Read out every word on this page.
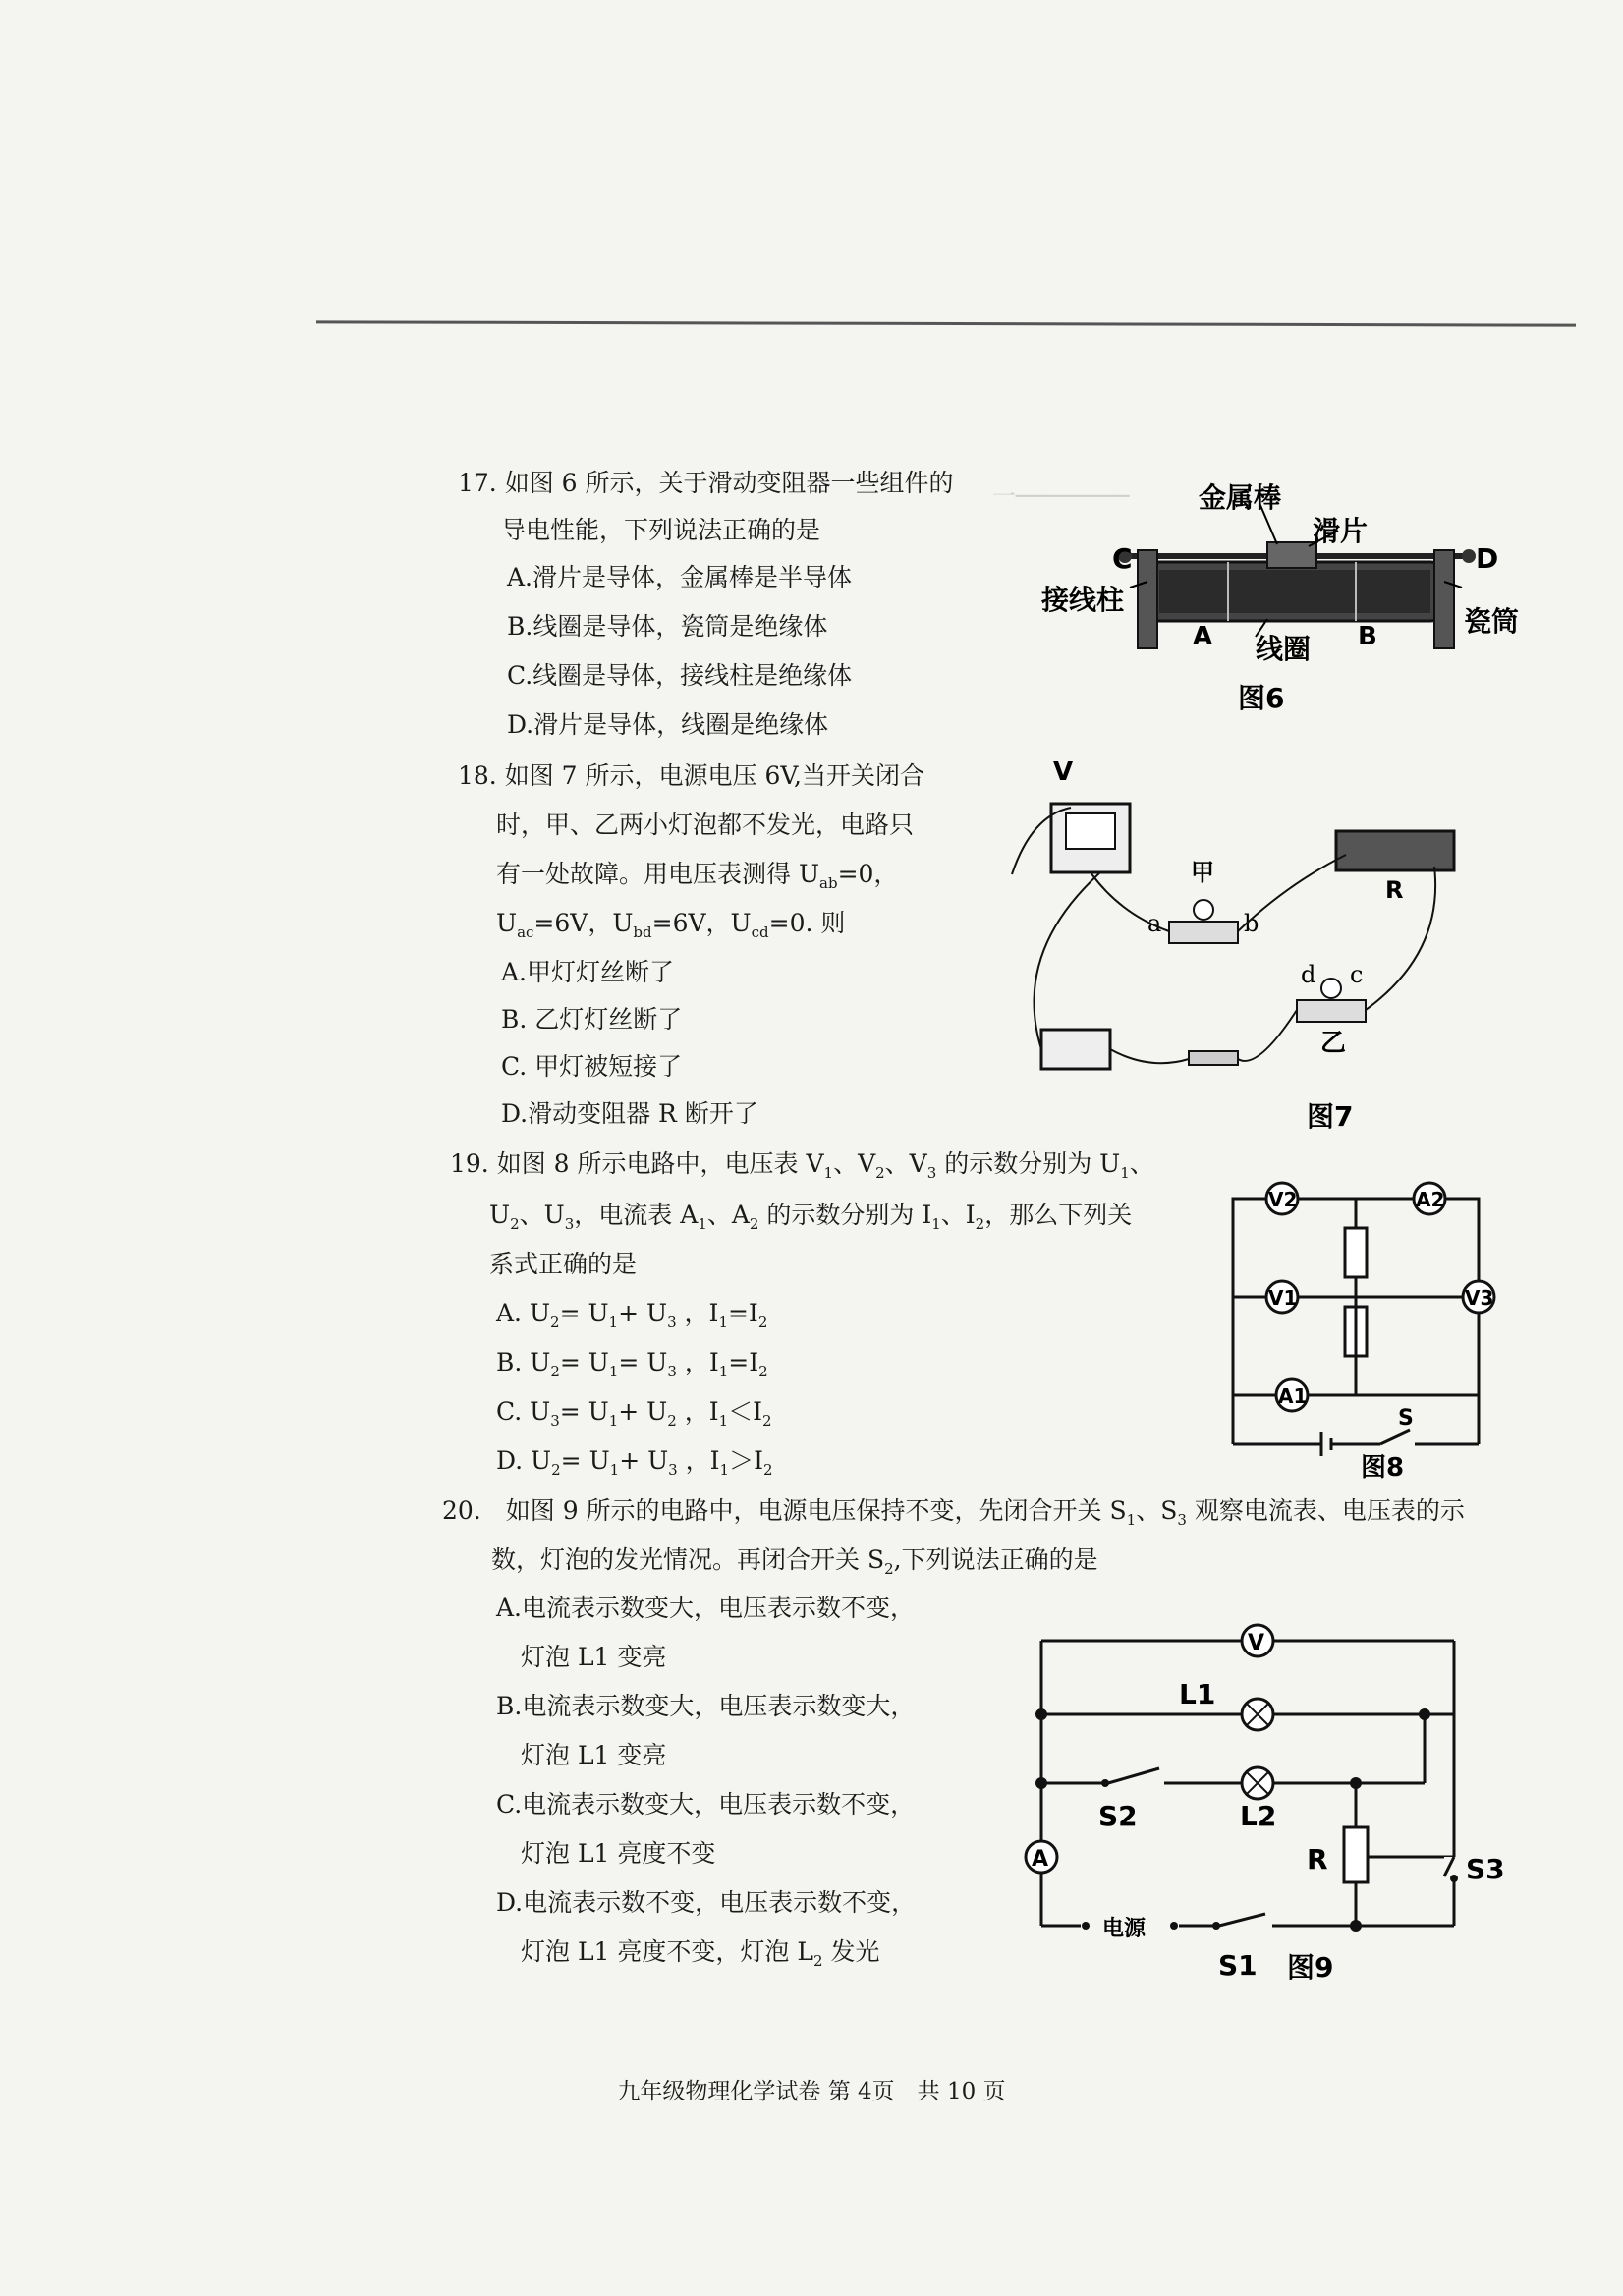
一────────
17. 如图 6 所示，关于滑动变阻器一些组件的
导电性能，下列说法正确的是
A.滑片是导体，金属棒是半导体
B.线圈是导体，瓷筒是绝缘体
C.线圈是导体，接线柱是绝缘体
D.滑片是导体，线圈是绝缘体
金属棒
滑片
C	D
接线柱
瓷筒
A	B
线圈
图6
18. 如图 7 所示，电源电压 6V,当开关闭合
时，甲、乙两小灯泡都不发光，电路只
有一处故障。用电压表测得 $U_{ab}=0$，
$U_{ac}=6V$，$U_{bd}=6V$，$U_{cd}=0$. 则
A.甲灯灯丝断了
B. 乙灯灯丝断了
C. 甲灯被短接了
D.滑动变阻器 R 断开了
V
R
甲
a	b
d c
乙
图7
19. 如图 8 所示电路中，电压表 $V_1$、$V_2$、$V_3$ 的示数分别为 $U_1$、
$U_2$、$U_3$，电流表 $A_1$、$A_2$ 的示数分别为 $I_1$、$I_2$，那么下列关
系式正确的是
A. $U_2= U_1+ U_3$ ，$I_1=I_2$
B. $U_2= U_1= U_3$ ，$I_1=I_2$
C. $U_3= U_1+ U_2$ ，$I_1<I_2$
D. $U_2= U_1+ U_3$ ，$I_1>I_2$
V2	A2
V1	V3
A1
S
图8
20.　如图 9 所示的电路中，电源电压保持不变，先闭合开关 $S_1$、$S_3$ 观察电流表、电压表的示
数，灯泡的发光情况。再闭合开关 $S_2$,下列说法正确的是
A.电流表示数变大，电压表示数不变，
灯泡 L1 变亮
B.电流表示数变大，电压表示数变大，
灯泡 L1 变亮
C.电流表示数变大，电压表示数不变，
灯泡 L1 亮度不变
D.电流表示数不变，电压表示数不变，
灯泡 L1 亮度不变，灯泡 $L_2$ 发光
V
L1
S2	L2
R	S3
A
电源
S1 图9
九年级物理化学试卷 第 4页　共 10 页
